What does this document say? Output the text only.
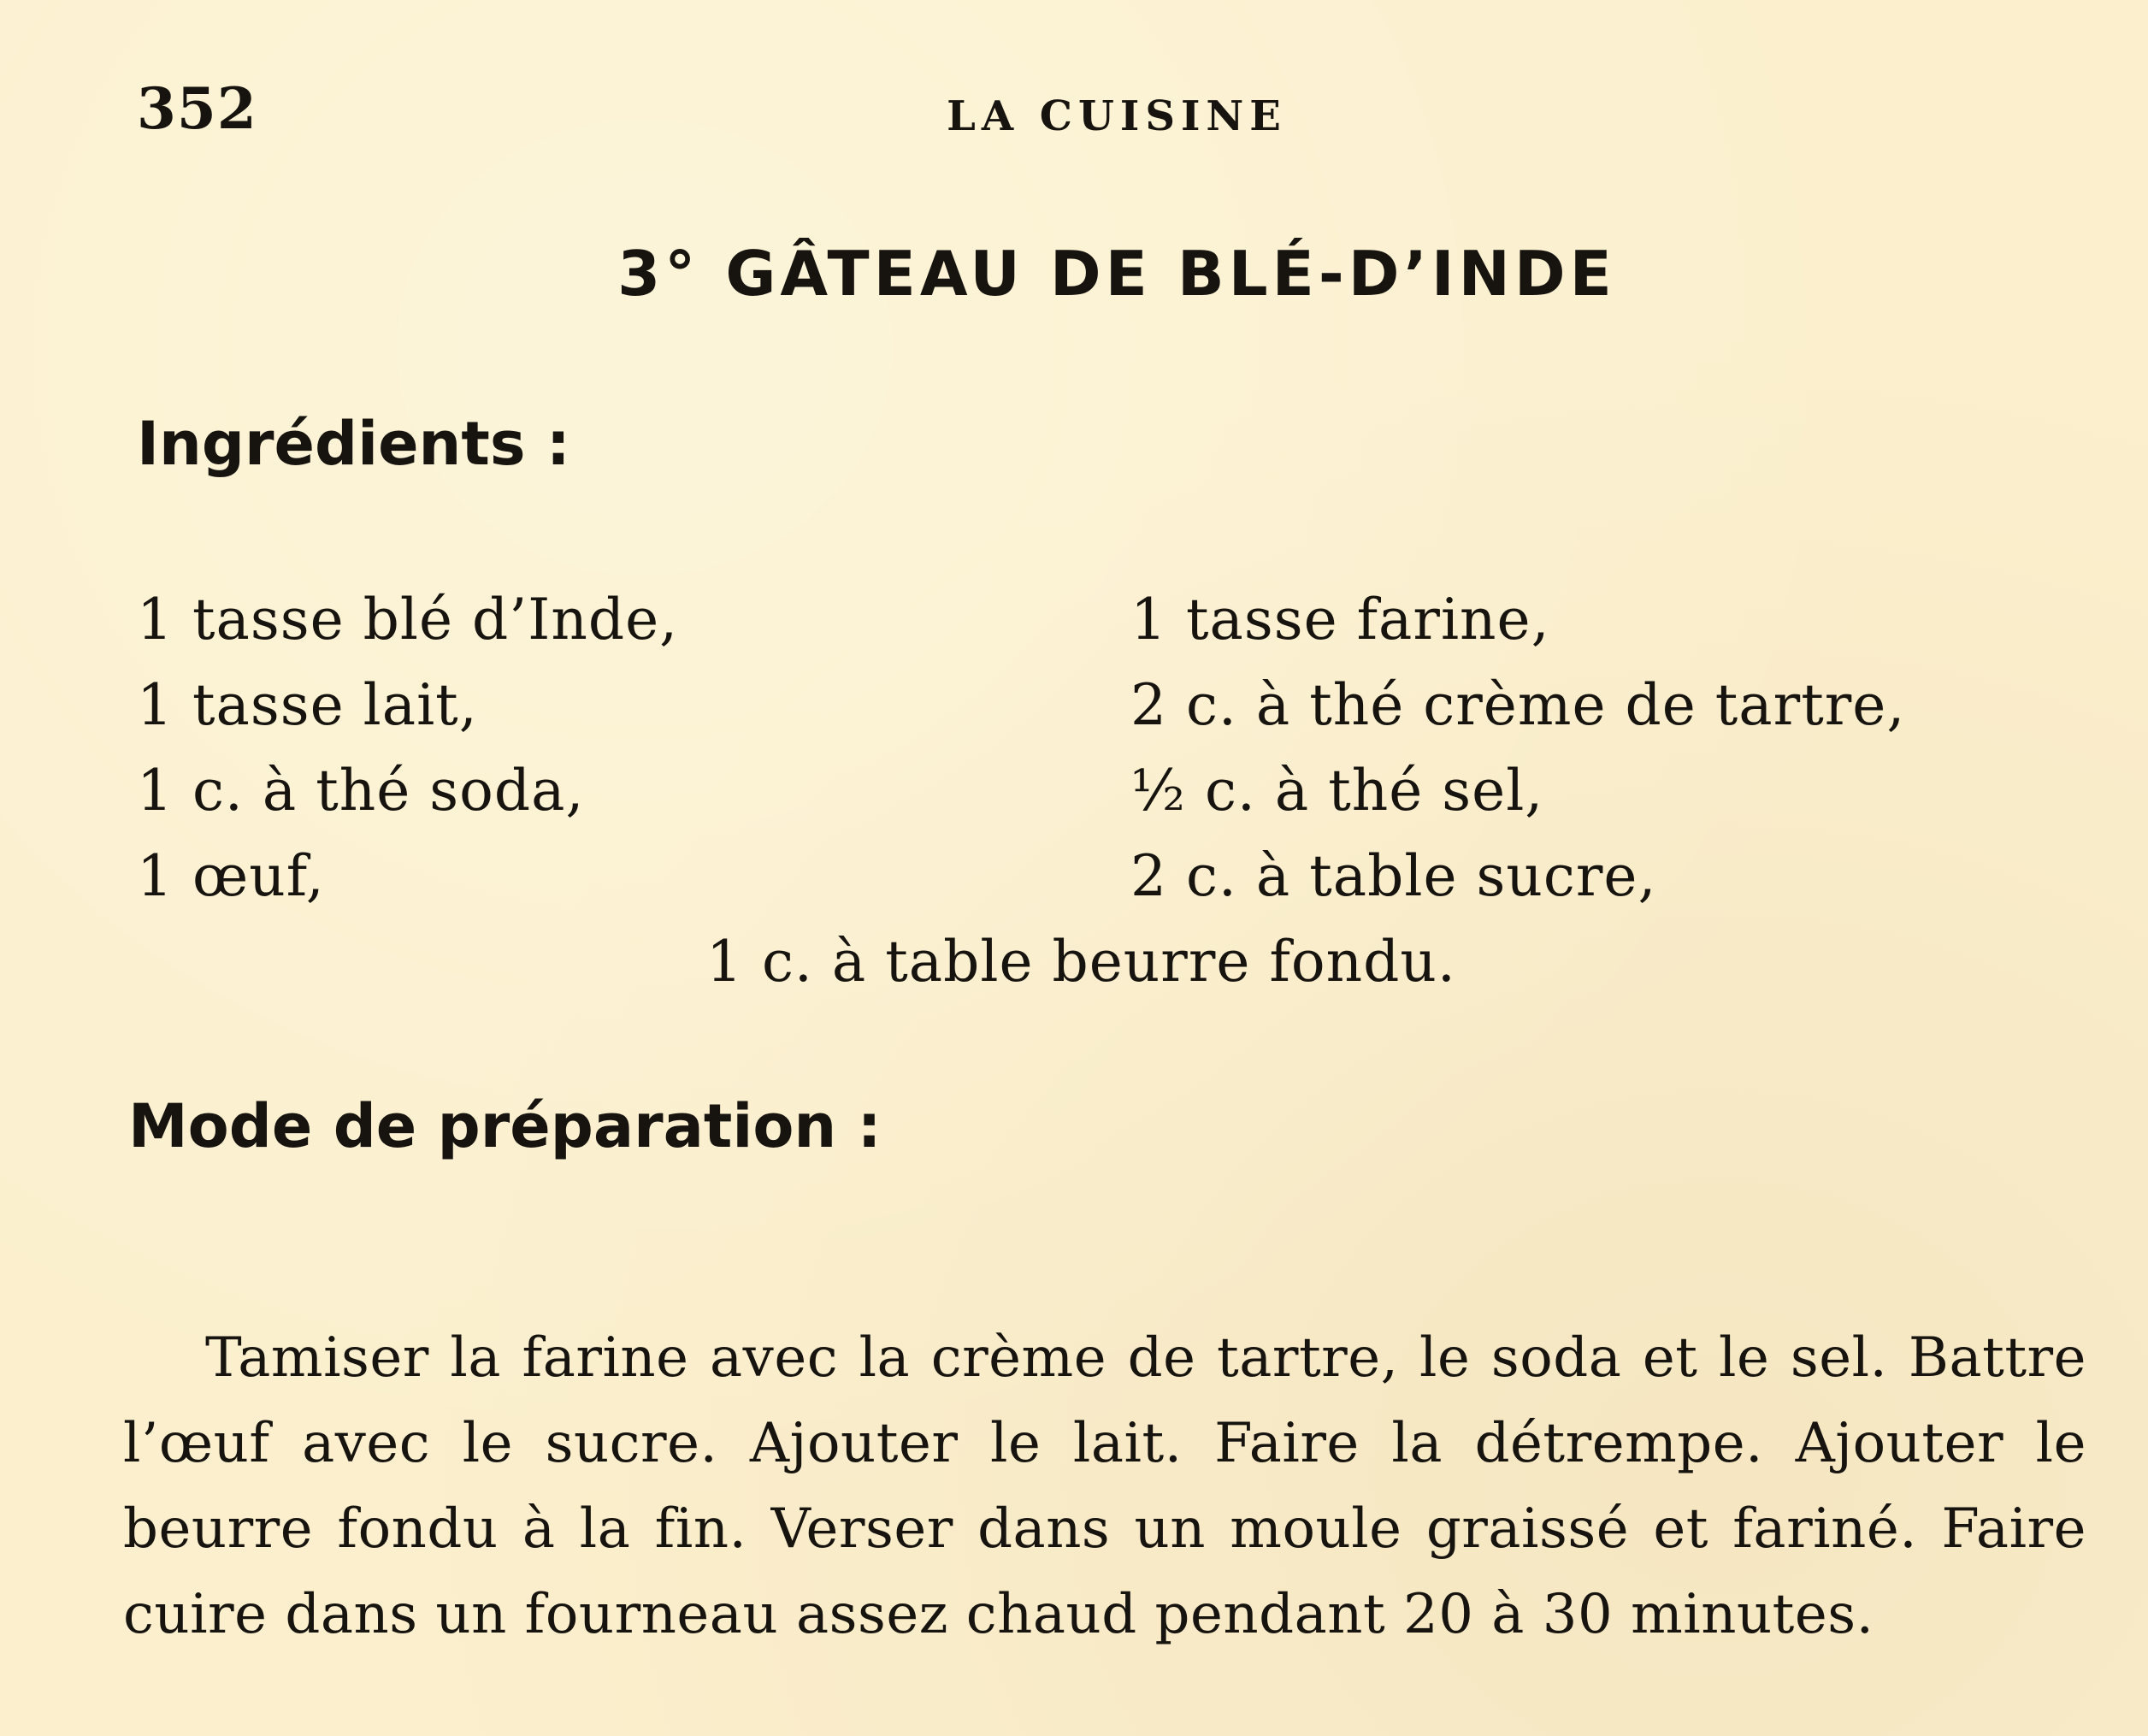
352	LA CUISINE
3° GÂTEAU DE BLÉ-D’INDE
Ingrédients :
1 tasse blé d’Inde,	1 tasse farine,
1 tasse lait,	2 c. à thé crème de tartre,
1 c. à thé soda,	½ c. à thé sel,
1 œuf,	2 c. à table sucre,
1 c. à table beurre fondu.
Mode de préparation :

Tamiser la farine avec la crème de tartre, le soda et le sel. Battre l’œuf avec le sucre. Ajouter le lait. Faire la détrempe. Ajouter le beurre fondu à la fin. Verser dans un moule graissé et fariné. Faire cuire dans un fourneau assez chaud pendant 20 à 30 minutes.
